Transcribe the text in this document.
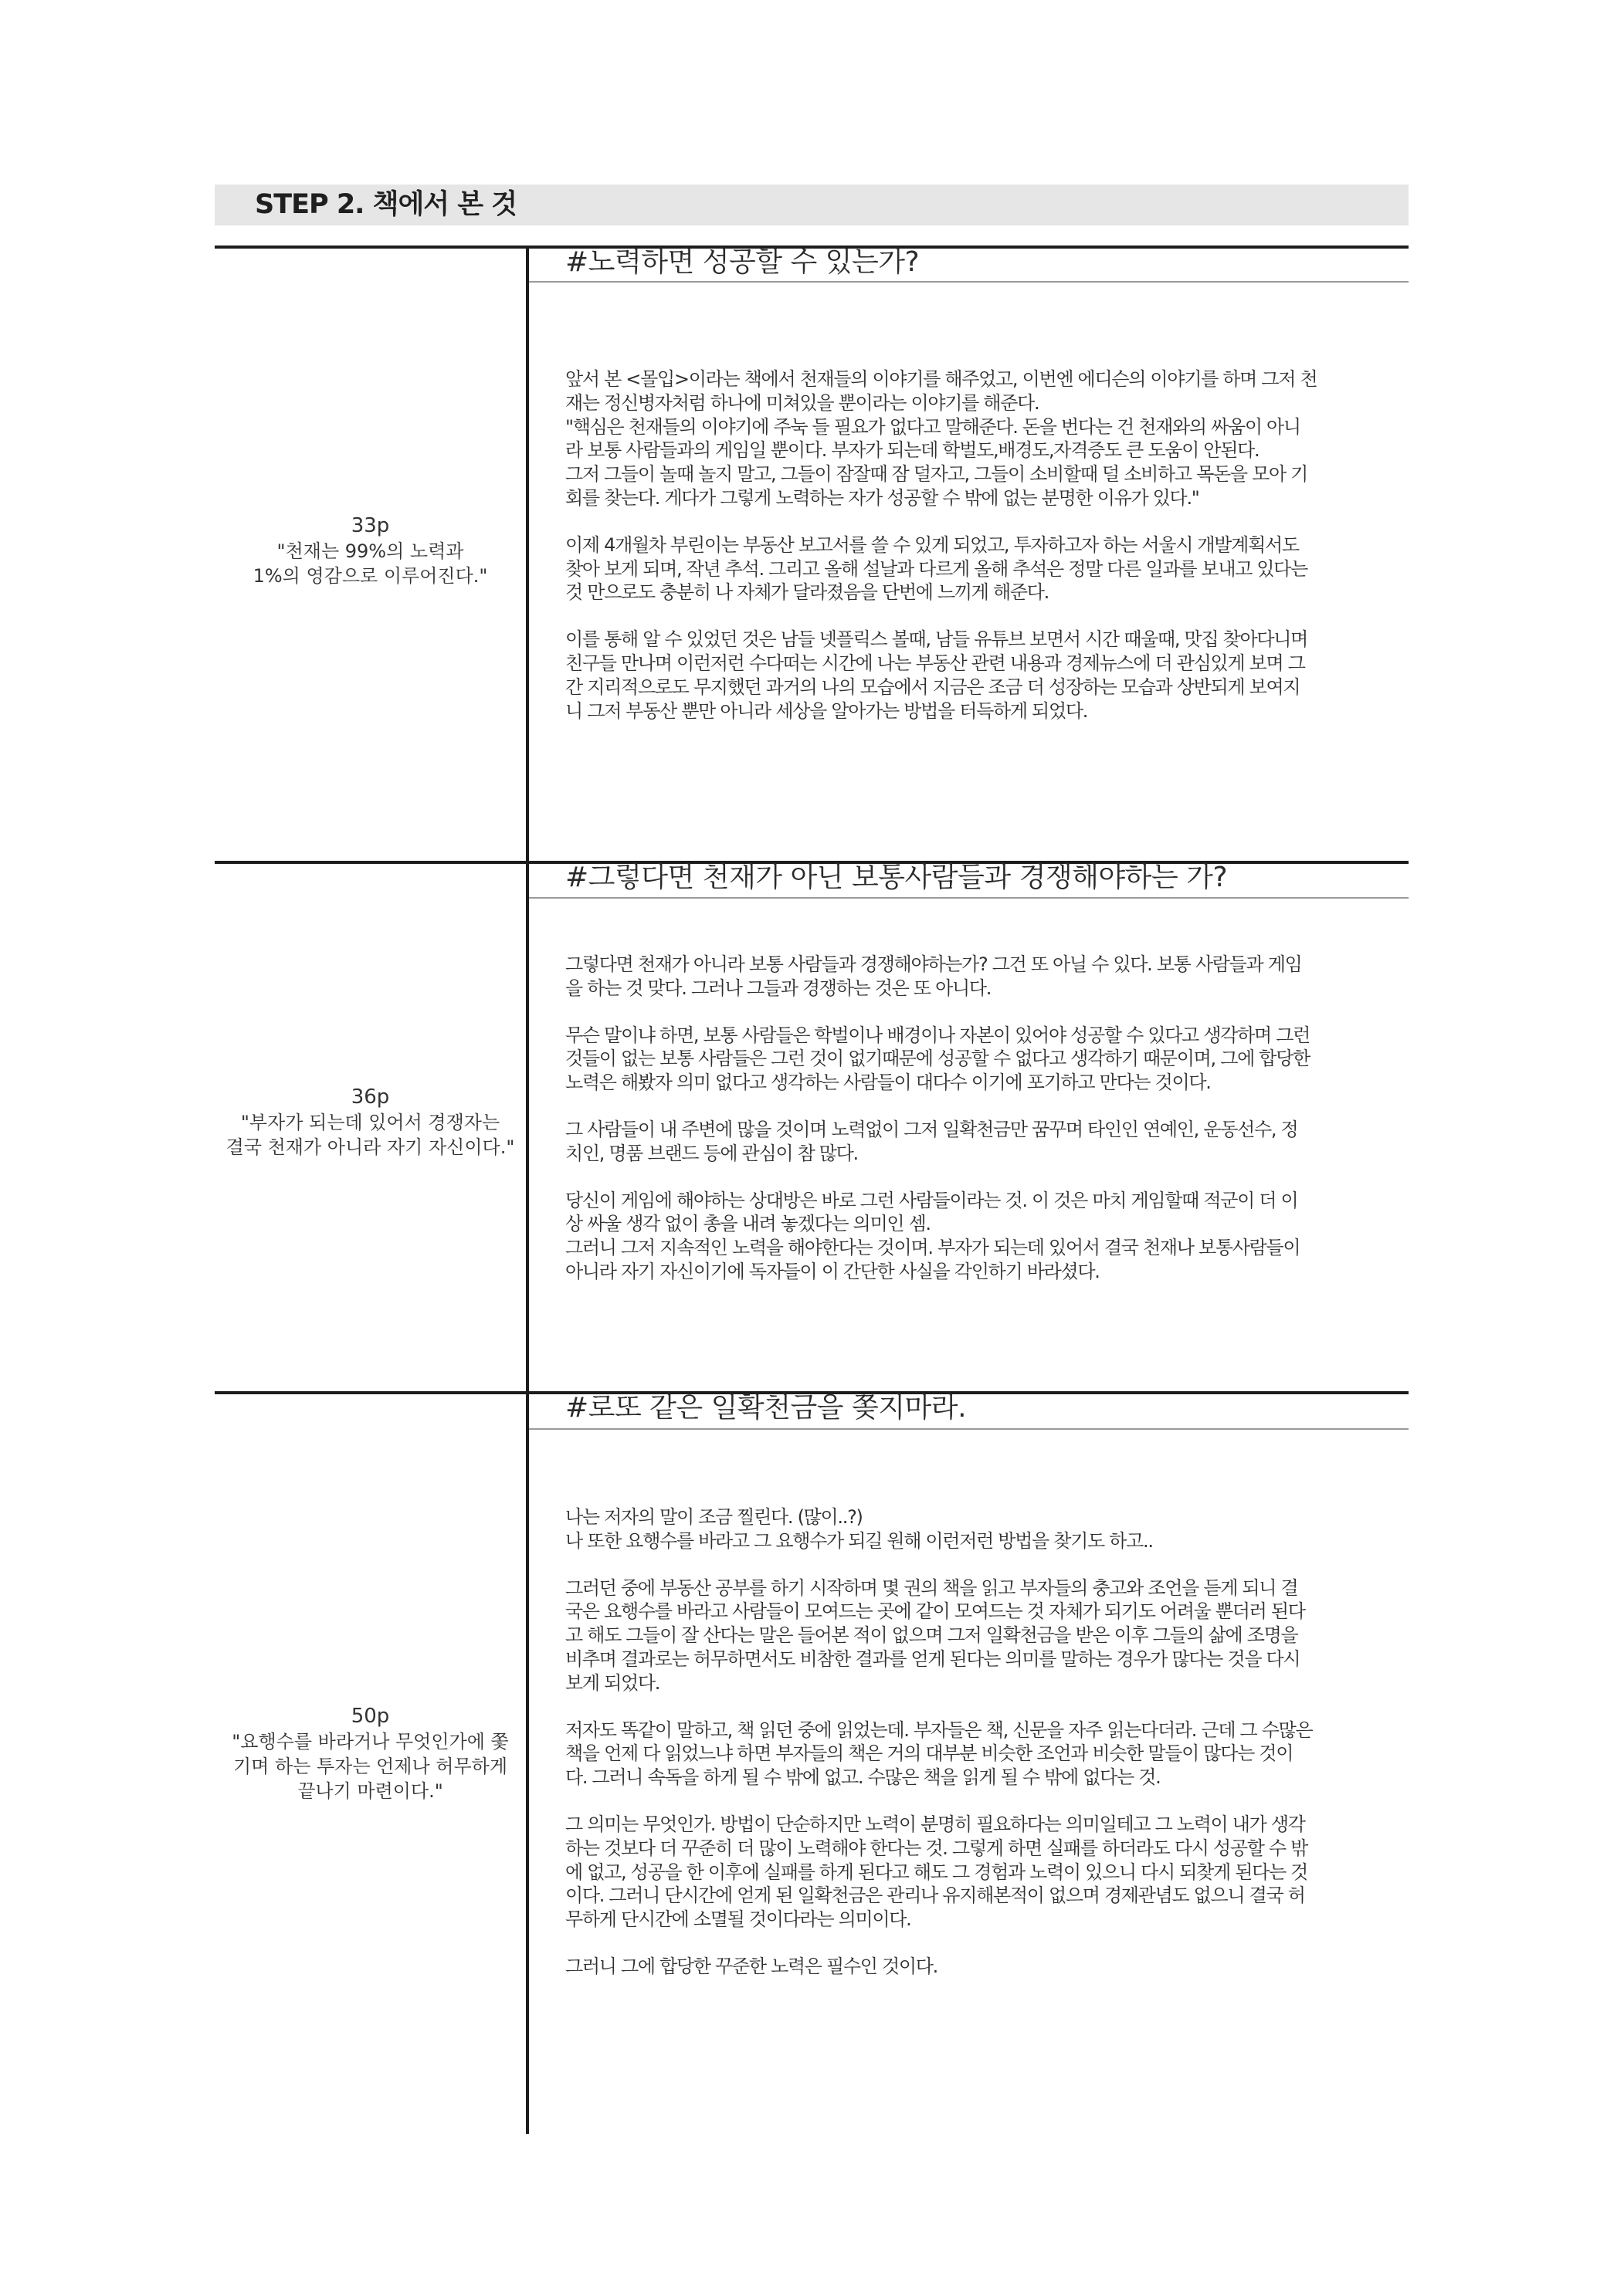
STEP 2. 책에서 본 것
33p
"천재는 99%의 노력과
1%의 영감으로 이루어진다."
#노력하면 성공할 수 있는가?

앞서 본 <몰입>이라는 책에서 천재들의 이야기를 해주었고, 이번엔 에디슨의 이야기를 하며 그저 천
재는 정신병자처럼 하나에 미쳐있을 뿐이라는 이야기를 해준다.
"핵심은 천재들의 이야기에 주눅 들 필요가 없다고 말해준다. 돈을 번다는 건 천재와의 싸움이 아니
라 보통 사람들과의 게임일 뿐이다. 부자가 되는데 학벌도,배경도,자격증도 큰 도움이 안된다.
그저 그들이 놀때 놀지 말고, 그들이 잠잘때 잠 덜자고, 그들이 소비할때 덜 소비하고 목돈을 모아 기
회를 찾는다. 게다가 그렇게 노력하는 자가 성공할 수 밖에 없는 분명한 이유가 있다."

이제 4개월차 부린이는 부동산 보고서를 쓸 수 있게 되었고, 투자하고자 하는 서울시 개발계획서도
찾아 보게 되며, 작년 추석. 그리고 올해 설날과 다르게 올해 추석은 정말 다른 일과를 보내고 있다는
것 만으로도 충분히 나 자체가 달라졌음을 단번에 느끼게 해준다.

이를 통해 알 수 있었던 것은 남들 넷플릭스 볼때, 남들 유튜브 보면서 시간 때울때, 맛집 찾아다니며
친구들 만나며 이런저런 수다떠는 시간에 나는 부동산 관련 내용과 경제뉴스에 더 관심있게 보며 그
간 지리적으로도 무지했던 과거의 나의 모습에서 지금은 조금 더 성장하는 모습과 상반되게 보여지
니 그저 부동산 뿐만 아니라 세상을 알아가는 방법을 터득하게 되었다.

36p
"부자가 되는데 있어서 경쟁자는
결국 천재가 아니라 자기 자신이다."
#그렇다면 천재가 아닌 보통사람들과 경쟁해야하는 가?

그렇다면 천재가 아니라 보통 사람들과 경쟁해야하는가? 그건 또 아닐 수 있다. 보통 사람들과 게임
을 하는 것 맞다. 그러나 그들과 경쟁하는 것은 또 아니다.

무슨 말이냐 하면, 보통 사람들은 학벌이나 배경이나 자본이 있어야 성공할 수 있다고 생각하며 그런
것들이 없는 보통 사람들은 그런 것이 없기때문에 성공할 수 없다고 생각하기 때문이며, 그에 합당한
노력은 해봤자 의미 없다고 생각하는 사람들이 대다수 이기에 포기하고 만다는 것이다.

그 사람들이 내 주변에 많을 것이며 노력없이 그저 일확천금만 꿈꾸며 타인인 연예인, 운동선수, 정
치인, 명품 브랜드 등에 관심이 참 많다.

당신이 게임에 해야하는 상대방은 바로 그런 사람들이라는 것. 이 것은 마치 게임할때 적군이 더 이
상 싸울 생각 없이 총을 내려 놓겠다는 의미인 셈.
그러니 그저 지속적인 노력을 해야한다는 것이며. 부자가 되는데 있어서 결국 천재나 보통사람들이
아니라 자기 자신이기에 독자들이 이 간단한 사실을 각인하기 바라셨다.

50p
"요행수를 바라거나 무엇인가에 쫓
기며 하는 투자는 언제나 허무하게
끝나기 마련이다."
#로또 같은 일확천금을 쫒지마라.

나는 저자의 말이 조금 찔린다. (많이..?)
나 또한 요행수를 바라고 그 요행수가 되길 원해 이런저런 방법을 찾기도 하고..
그러던 중에 부동산 공부를 하기 시작하며 몇 권의 책을 읽고 부자들의 충고와 조언을 듣게 되니 결
국은 요행수를 바라고 사람들이 모여드는 곳에 같이 모여드는 것 자체가 되기도 어려울 뿐더러 된다
고 해도 그들이 잘 산다는 말은 들어본 적이 없으며 그저 일확천금을 받은 이후 그들의 삶에 조명을
비추며 결과로는 허무하면서도 비참한 결과를 얻게 된다는 의미를 말하는 경우가 많다는 것을 다시
보게 되었다.

저자도 똑같이 말하고, 책 읽던 중에 읽었는데. 부자들은 책, 신문을 자주 읽는다더라. 근데 그 수많은
책을 언제 다 읽었느냐 하면 부자들의 책은 거의 대부분 비슷한 조언과 비슷한 말들이 많다는 것이
다. 그러니 속독을 하게 될 수 밖에 없고. 수많은 책을 읽게 될 수 밖에 없다는 것.

그 의미는 무엇인가. 방법이 단순하지만 노력이 분명히 필요하다는 의미일테고 그 노력이 내가 생각
하는 것보다 더 꾸준히 더 많이 노력해야 한다는 것. 그렇게 하면 실패를 하더라도 다시 성공할 수 밖
에 없고, 성공을 한 이후에 실패를 하게 된다고 해도 그 경험과 노력이 있으니 다시 되찾게 된다는 것
이다. 그러니 단시간에 얻게 된 일확천금은 관리나 유지해본적이 없으며 경제관념도 없으니 결국 허
무하게 단시간에 소멸될 것이다라는 의미이다.

그러니 그에 합당한 꾸준한 노력은 필수인 것이다.
